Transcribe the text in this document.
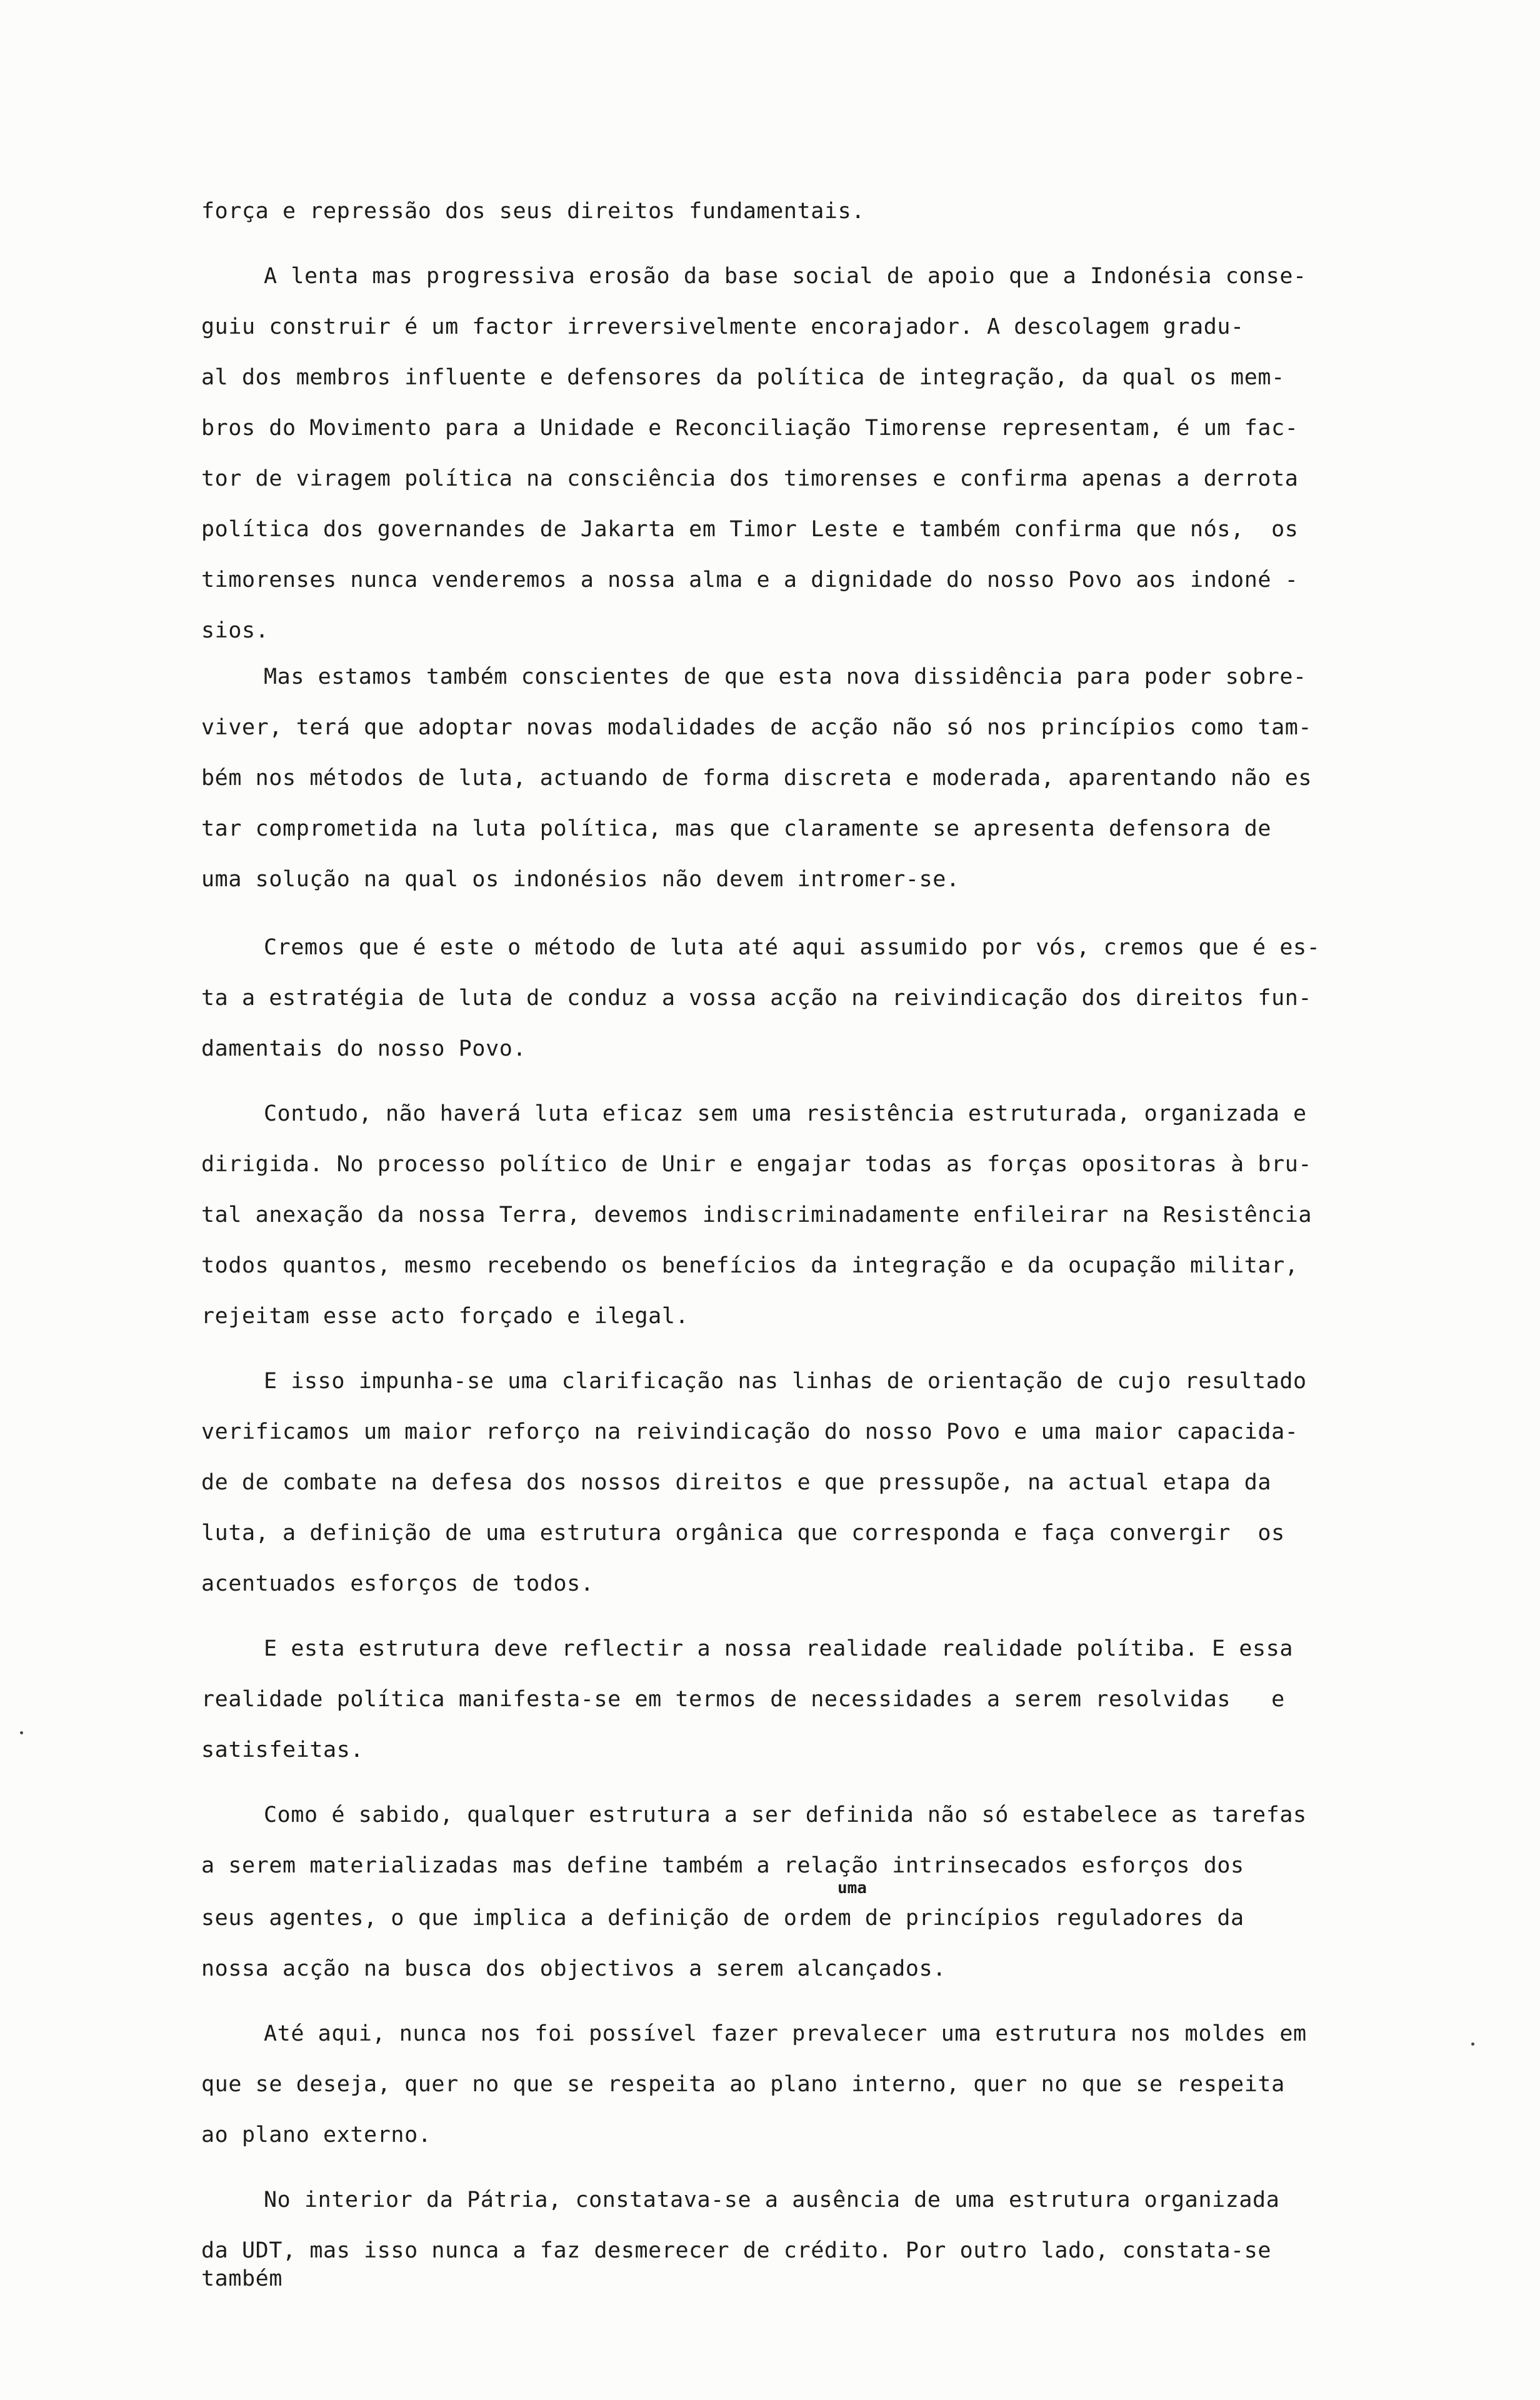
força e repressão dos seus direitos fundamentais.

A lenta mas progressiva erosão da base social de apoio que a Indonésia conse-

guiu construir é um factor irreversivelmente encorajador. A descolagem gradu-

al dos membros influente e defensores da política de integração, da qual os mem-

bros do Movimento para a Unidade e Reconciliação Timorense representam, é um fac-

tor de viragem política na consciência dos timorenses e confirma apenas a derrota

política dos governandes de Jakarta em Timor Leste e também confirma que nós,  os

timorenses nunca venderemos a nossa alma e a dignidade do nosso Povo aos indoné -

sios.

Mas estamos também conscientes de que esta nova dissidência para poder sobre-

viver, terá que adoptar novas modalidades de acção não só nos princípios como tam-

bém nos métodos de luta, actuando de forma discreta e moderada, aparentando não es

tar comprometida na luta política, mas que claramente se apresenta defensora de

uma solução na qual os indonésios não devem intromer-se.

Cremos que é este o método de luta até aqui assumido por vós, cremos que é es-

ta a estratégia de luta de conduz a vossa acção na reivindicação dos direitos fun-

damentais do nosso Povo.

Contudo, não haverá luta eficaz sem uma resistência estruturada, organizada e

dirigida. No processo político de Unir e engajar todas as forças opositoras à bru-

tal anexação da nossa Terra, devemos indiscriminadamente enfileirar na Resistência

todos quantos, mesmo recebendo os benefícios da integração e da ocupação militar,

rejeitam esse acto forçado e ilegal.

E isso impunha-se uma clarificação nas linhas de orientação de cujo resultado

verificamos um maior reforço na reivindicação do nosso Povo e uma maior capacida-

de de combate na defesa dos nossos direitos e que pressupõe, na actual etapa da

luta, a definição de uma estrutura orgânica que corresponda e faça convergir  os

acentuados esforços de todos.

E esta estrutura deve reflectir a nossa realidade realidade polítiba. E essa

realidade política manifesta-se em termos de necessidades a serem resolvidas   e

satisfeitas.

Como é sabido, qualquer estrutura a ser definida não só estabelece as tarefas

a serem materializadas mas define também a relação intrinsecados esforços dos

seus agentes, o que implica a definição de ordem de princípios reguladores da

nossa acção na busca dos objectivos a serem alcançados.

Até aqui, nunca nos foi possível fazer prevalecer uma estrutura nos moldes em

que se deseja, quer no que se respeita ao plano interno, quer no que se respeita

ao plano externo.

No interior da Pátria, constatava-se a ausência de uma estrutura organizada

da UDT, mas isso nunca a faz desmerecer de crédito. Por outro lado, constata-se

também

uma
